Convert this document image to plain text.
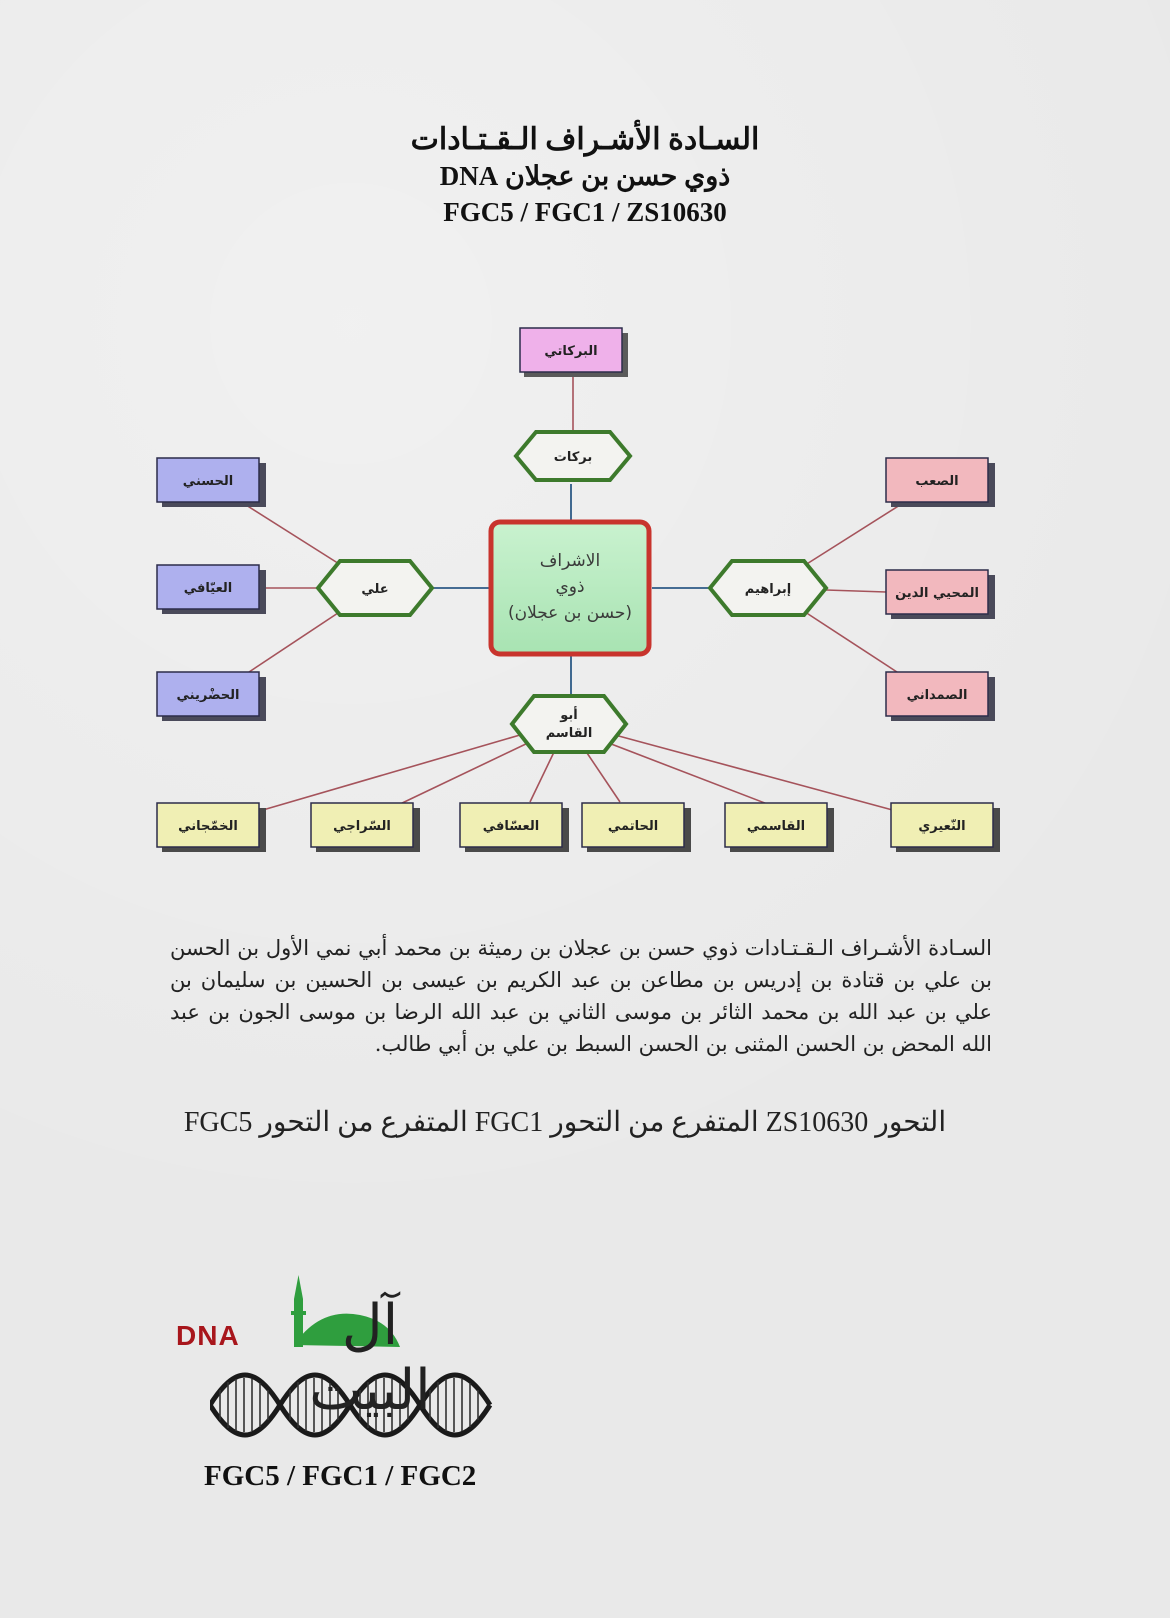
السـادة الأشـراف الـقـتـادات
ذوي حسن بن عجلان DNA
FGC5 / FGC1 / ZS10630
الاشراف
ذوي
(حسن بن عجلان)
بركات
علي	إبراهيم
أبو
القاسم
البركاتي
الحسني
العيّافي
الحضْريني
الصعب
المحيي الدين
الصمداني
الخمّجاني	السّراجي	العسّافي	الحاتمي	القاسمي	النّعيري
السـادة الأشـراف الـقـتـادات ذوي حسن بن عجلان بن رميثة بن محمد أبي نمي الأول بن الحسن بن علي بن قتادة بن إدريس بن مطاعن بن عبد الكريم بن عيسى بن الحسين بن سليمان بن علي بن عبد الله بن محمد الثائر بن موسى الثاني بن عبد الله الرضا بن موسى الجون بن عبد الله المحض بن الحسن المثنى بن الحسن السبط بن علي بن أبي طالب.
التحور ZS10630 المتفرع من التحور FGC1 المتفرع من التحور FGC5
DNA	آل البيت
FGC5 / FGC1 / FGC2
